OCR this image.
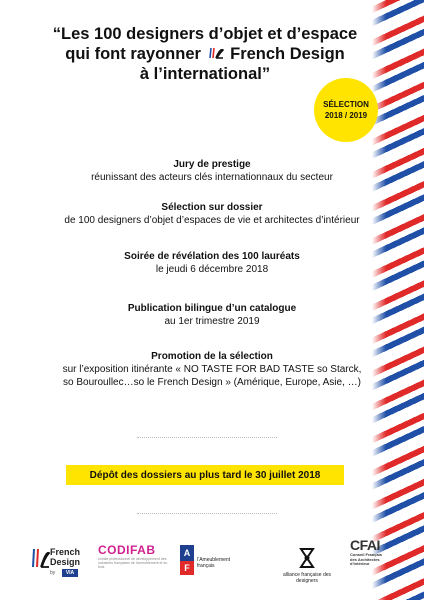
“Les 100 designers d’objet et d’espace
qui font rayonner French Design
à l’international”
SÉLECTION
2018 / 2019
Jury de prestige
réunissant des acteurs clés internationnaux du secteur
Sélection sur dossier
de 100 designers d’objet d’espaces de vie et architectes d’intérieur
Soirée de révélation des 100 lauréats
le jeudi 6 décembre 2018
Publication bilingue d’un catalogue
au 1er trimestre 2019
Promotion de la sélection
sur l’exposition itinérante « NO TASTE FOR BAD TASTE so Starck, so Bouroullec…so le French Design » (Amérique, Europe, Asie, …)
Dépôt des dossiers au plus tard le 30 juillet 2018
French
Design
by	VIA
CODIFAB
comité professionnel de développement des industries françaises de l’ameublement et du bois
A
F
l’Ameublement
français
alliance française des designers
CFAI
Conseil Français
des Architectes
d’Intérieur
